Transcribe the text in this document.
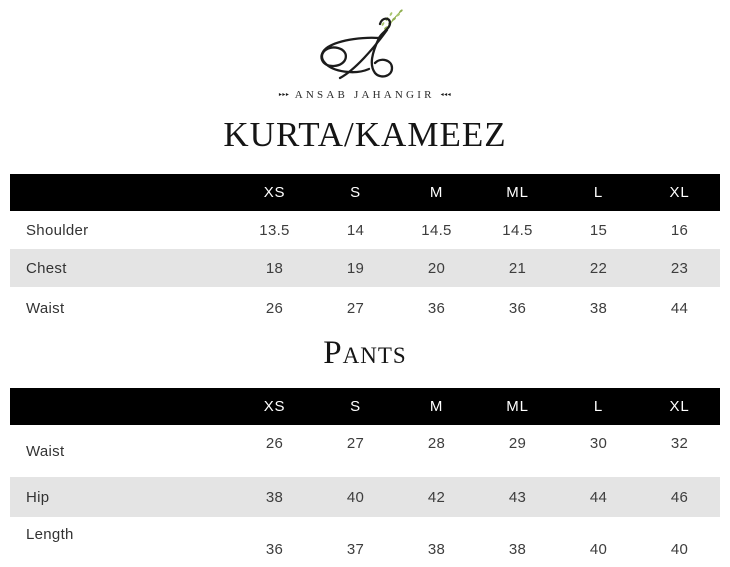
▸▸▸ ANSAB JAHANGIR ◂◂◂
KURTA/KAMEEZ
	XS	S	M	ML	L	XL
Shoulder	13.5	14	14.5	14.5	15	16
Chest	18	19	20	21	22	23
Waist	26	27	36	36	38	44
Pants
	XS	S	M	ML	L	XL
Waist	26	27	28	29	30	32
Hip	38	40	42	43	44	46
Length	36	37	38	38	40	40
